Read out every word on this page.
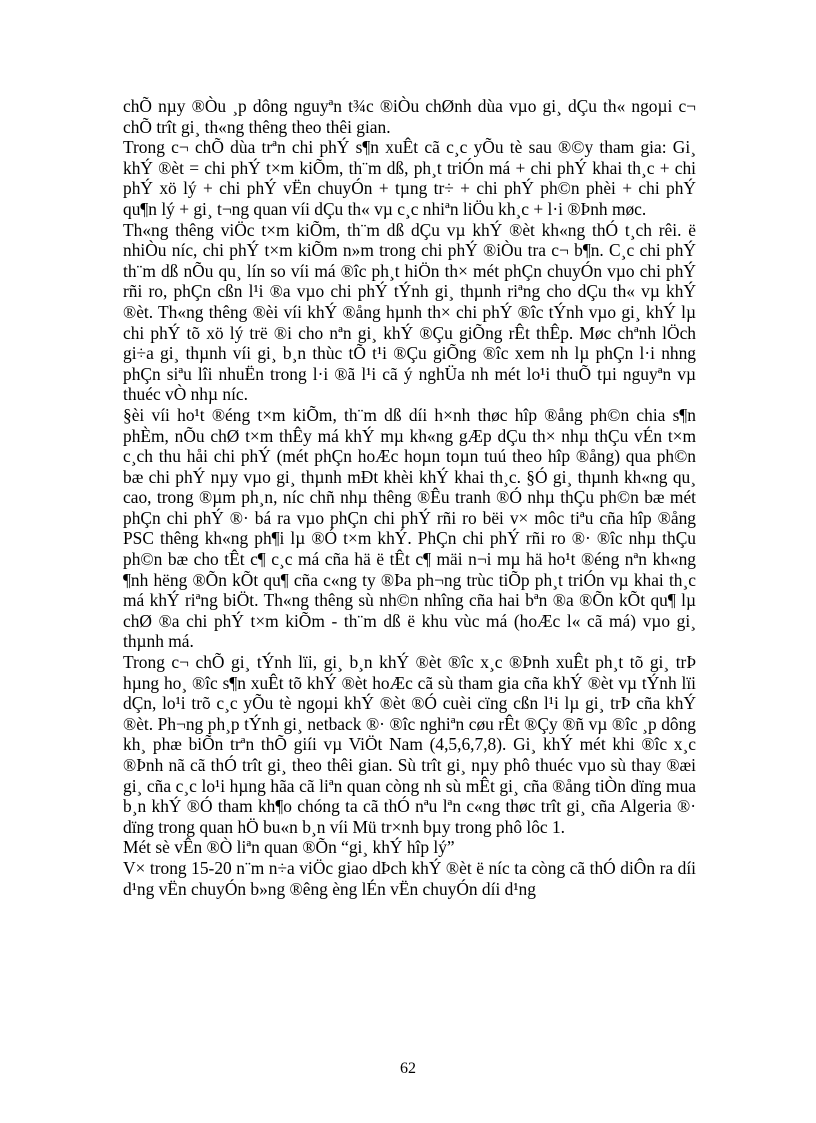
chÕ nµy ®Òu ¸p dông nguyªn t¾c ®iÒu chØnh dùa vµo gi¸ dÇu th« ngoµi c¬ chÕ trît gi¸ th«ng thêng theo thêi gian.

Trong c¬ chÕ dùa trªn chi phÝ s¶n xuÊt cã c¸c yÕu tè sau ®©y tham gia: Gi¸ khÝ ®èt = chi phÝ t×m kiÕm, th¨m dß, ph¸t triÓn má + chi phÝ khai th¸c + chi phÝ xö lý + chi phÝ vËn chuyÓn + tµng tr÷ + chi phÝ ph©n phèi + chi phÝ qu¶n lý + gi¸ t¬ng quan víi dÇu th« vµ c¸c nhiªn liÖu kh¸c + l·i ®Þnh møc.

Th«ng thêng viÖc t×m kiÕm, th¨m dß dÇu vµ khÝ ®èt kh«ng thÓ t¸ch rêi. ë nhiÒu níc, chi phÝ t×m kiÕm n»m trong chi phÝ ®iÒu tra c¬ b¶n. C¸c chi phÝ th¨m dß nÕu qu¸ lín so víi má ®îc ph¸t hiÖn th× mét phÇn chuyÓn vµo chi phÝ rñi ro, phÇn cßn l¹i ®a vµo chi phÝ tÝnh gi¸ thµnh riªng cho dÇu th« vµ khÝ ®èt. Th«ng thêng ®èi víi khÝ ®ång hµnh th× chi phÝ ®îc tÝnh vµo gi¸ khÝ lµ chi phÝ tõ xö lý trë ®i cho nªn gi¸ khÝ ®Çu giÕng rÊt thÊp. Møc chªnh lÖch gi÷a gi¸ thµnh víi gi¸ b¸n thùc tÕ t¹i ®Çu giÕng ®îc xem nh lµ phÇn l·i nhng phÇn siªu lîi nhuËn trong l·i ®ã l¹i cã ý nghÜa nh mét lo¹i thuÕ tµi nguyªn vµ thuéc vÒ nhµ níc.

§èi víi ho¹t ®éng t×m kiÕm, th¨m dß díi h×nh thøc hîp ®ång ph©n chia s¶n phÈm, nÕu chØ t×m thÊy má khÝ mµ kh«ng gÆp dÇu th× nhµ thÇu vÉn t×m c¸ch thu håi chi phÝ (mét phÇn hoÆc hoµn toµn tuú theo hîp ®ång) qua ph©n bæ chi phÝ nµy vµo gi¸ thµnh mÐt khèi khÝ khai th¸c. §Ó gi¸ thµnh kh«ng qu¸ cao, trong ®µm ph¸n, níc chñ nhµ thêng ®Êu tranh ®Ó nhµ thÇu ph©n bæ mét phÇn chi phÝ ®· bá ra vµo phÇn chi phÝ rñi ro bëi v× môc tiªu cña hîp ®ång PSC thêng kh«ng ph¶i lµ ®Ó t×m khÝ. PhÇn chi phÝ rñi ro ®· ®îc nhµ thÇu ph©n bæ cho tÊt c¶ c¸c má cña hä ë tÊt c¶ mäi n¬i mµ hä ho¹t ®éng nªn kh«ng ¶nh hëng ®Õn kÕt qu¶ cña c«ng ty ®Þa ph¬ng trùc tiÕp ph¸t triÓn vµ khai th¸c má khÝ riªng biÖt. Th«ng thêng sù nh©n nhîng cña hai bªn ®a ®Õn kÕt qu¶ lµ chØ ®a chi phÝ t×m kiÕm - th¨m dß ë khu vùc má (hoÆc l« cã má) vµo gi¸ thµnh má.

Trong c¬ chÕ gi¸ tÝnh lïi, gi¸ b¸n khÝ ®èt ®îc x¸c ®Þnh xuÊt ph¸t tõ gi¸ trÞ hµng ho¸ ®îc s¶n xuÊt tõ khÝ ®èt hoÆc cã sù tham gia cña khÝ ®èt vµ tÝnh lïi dÇn, lo¹i trõ c¸c yÕu tè ngoµi khÝ ®èt ®Ó cuèi cïng cßn l¹i lµ gi¸ trÞ cña khÝ ®èt. Ph¬ng ph¸p tÝnh gi¸ netback ®· ®îc nghiªn cøu rÊt ®Çy ®ñ vµ ®îc ¸p dông kh¸ phæ biÕn trªn thÕ giíi vµ ViÖt Nam (4,5,6,7,8). Gi¸ khÝ mét khi ®îc x¸c ®Þnh nã cã thÓ trît gi¸ theo thêi gian. Sù trît gi¸ nµy phô thuéc vµo sù thay ®æi gi¸ cña c¸c lo¹i hµng hãa cã liªn quan còng nh sù mÊt gi¸ cña ®ång tiÒn dïng mua b¸n khÝ ®Ó tham kh¶o chóng ta cã thÓ nªu lªn c«ng thøc trît gi¸ cña Algeria ®· dïng trong quan hÖ bu«n b¸n víi Mü tr×nh bµy trong phô lôc 1.

Mét sè vÊn ®Ò liªn quan ®Õn “gi¸ khÝ hîp lý”

V× trong 15-20 n¨m n÷a viÖc giao dÞch khÝ ®èt ë níc ta còng cã thÓ diÔn ra díi d¹ng vËn chuyÓn b»ng ®êng èng lÉn vËn chuyÓn díi d¹ng

62
